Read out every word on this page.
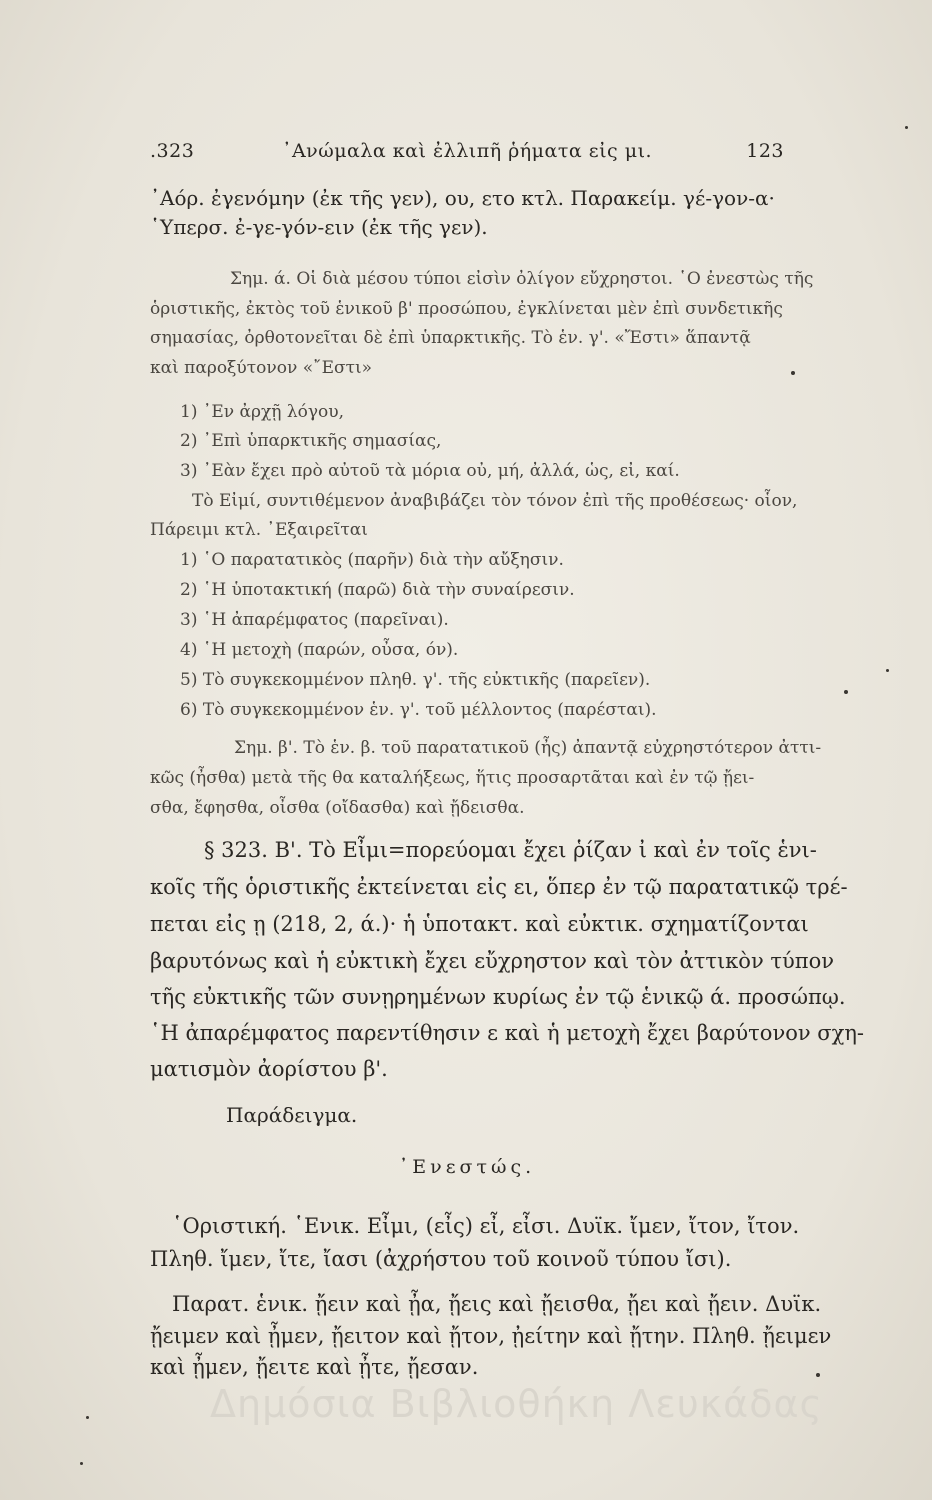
.323	᾿Ανώμαλα καὶ ἐλλιπῆ ῥήματα εἰς μι.	123
᾿Αόρ. ἐγενόμην (ἐκ τῆς γεν), ου, ετο κτλ. Παρακείμ. γέ-γον-α·
῾Υπερσ. ἐ-γε-γόν-ειν (ἐκ τῆς γεν).
Σημ. ά. Οἱ διὰ μέσου τύποι εἰσὶν ὀλίγον εὔχρηστοι. ῾Ο ἐνεστὼς τῆς
ὁριστικῆς, ἐκτὸς τοῦ ἑνικοῦ β' προσώπου, ἐγκλίνεται μὲν ἐπὶ συνδετικῆς
σημασίας, ὀρθοτονεῖται δὲ ἐπὶ ὑπαρκτικῆς. Τὸ ἑν. γ'. «Ἔστι» ἅπαντᾷ
καὶ παροξύτονον «῎Εστι»
1) ᾿Εν ἀρχῇ λόγου,
2) ᾿Επὶ ὑπαρκτικῆς σημασίας,
3) ᾿Εὰν ἔχει πρὸ αὐτοῦ τὰ μόρια οὐ, μή, ἀλλά, ὡς, εἰ, καί.
Τὸ Εἰμί, συντιθέμενον ἀναβιβάζει τὸν τόνον ἐπὶ τῆς προθέσεως· οἷον,
Πάρειμι κτλ. ᾿Εξαιρεῖται
1) ῾Ο παρατατικὸς (παρῆν) διὰ τὴν αὔξησιν.
2) ῾Η ὑποτακτική (παρῶ) διὰ τὴν συναίρεσιν.
3) ῾Η ἀπαρέμφατος (παρεῖναι).
4) ῾Η μετοχὴ (παρών, οὖσα, όν).
5) Τὸ συγκεκομμένον πληθ. γ'. τῆς εὐκτικῆς (παρεῖεν).
6) Τὸ συγκεκομμένον ἑν. γ'. τοῦ μέλλοντος (παρέσται).
Σημ. β'. Τὸ ἑν. β. τοῦ παρατατικοῦ (ἦς) ἀπαντᾷ εὐχρηστότερον ἀττι-
κῶς (ἦσθα) μετὰ τῆς θα καταλήξεως, ἥτις προσαρτᾶται καὶ ἐν τῷ ᾔει-
σθα, ἔφησθα, οἶσθα (οἴδασθα) καὶ ᾔδεισθα.
§ 323. Β'. Τὸ Εἶμι=πορεύομαι ἔχει ῥίζαν ἰ καὶ ἐν τοῖς ἑνι-
κοῖς τῆς ὁριστικῆς ἐκτείνεται εἰς ει, ὅπερ ἐν τῷ παρατατικῷ τρέ-
πεται εἰς ῃ (218, 2, ά.)· ἡ ὑποτακτ. καὶ εὐκτικ. σχηματίζονται
βαρυτόνως καὶ ἡ εὐκτικὴ ἔχει εὔχρηστον καὶ τὸν ἀττικὸν τύπον
τῆς εὐκτικῆς τῶν συνῃρημένων κυρίως ἐν τῷ ἑνικῷ ά. προσώπῳ.
῾Η ἀπαρέμφατος παρεντίθησιν ε καὶ ἡ μετοχὴ ἔχει βαρύτονον σχη-
ματισμὸν ἀορίστου β'.
Παράδειγμα.
᾿Ενεστώς.
῾Οριστική. ῾Ενικ. Εἶμι, (εἶς) εἶ, εἶσι. Δυϊκ. ἴμεν, ἴτον, ἴτον.
Πληθ. ἴμεν, ἴτε, ἴασι (ἀχρήστου τοῦ κοινοῦ τύπου ἴσι).
Παρατ. ἑνικ. ᾔειν καὶ ᾖα, ᾔεις καὶ ᾔεισθα, ᾔει καὶ ᾔειν. Δυϊκ.
ᾔειμεν καὶ ᾖμεν, ᾔειτον καὶ ᾔτον, ᾐείτην καὶ ᾔτην. Πληθ. ᾔειμεν
καὶ ᾖμεν, ᾔειτε καὶ ᾖτε, ᾔεσαν.
Δημόσια Βιβλιοθήκη Λευκάδας
